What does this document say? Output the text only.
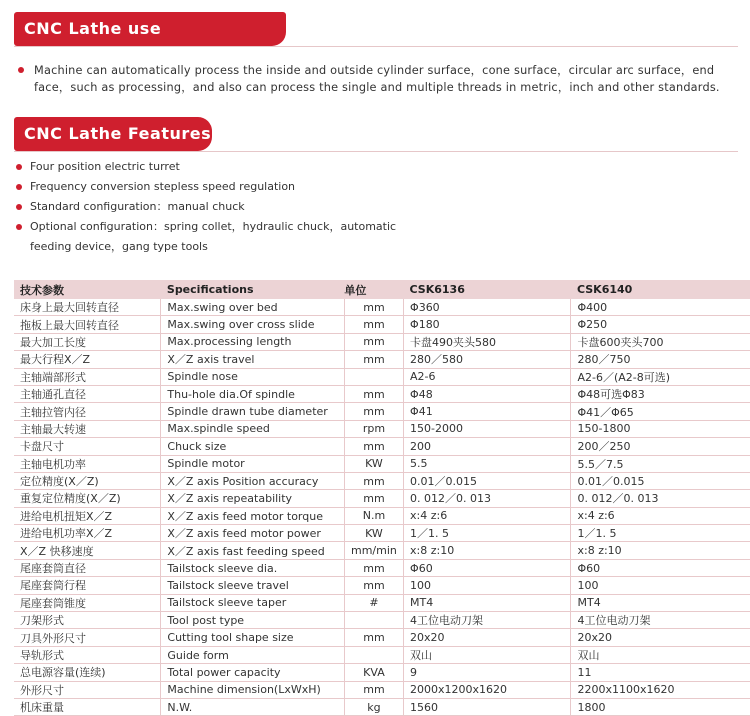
CNC Lathe use
Machine can automatically process the inside and outside cylinder surface，cone surface，circular arc surface，end face，such as processing，and also can process the single and multiple threads in metric，inch and other standards.
CNC Lathe Features
Four position electric turret
Frequency conversion stepless speed regulation
Standard configuration：manual chuck
Optional configuration：spring collet，hydraulic chuck，automatic
feeding device，gang type tools
技术参数	Specifications	单位	CSK6136	CSK6140
床身上最大回转直径	Max.swing over bed	mm	Φ360	Φ400
拖板上最大回转直径	Max.swing over cross slide	mm	Φ180	Φ250
最大加工长度	Max.processing length	mm	卡盘490夹头580	卡盘600夹头700
最大行程X／Z	X／Z axis travel	mm	280／580	280／750
主轴端部形式	Spindle nose		A2-6	A2-6／(A2-8可选)
主轴通孔直径	Thu-hole dia.Of spindle	mm	Φ48	Φ48可选Φ83
主轴拉管内径	Spindle drawn tube diameter	mm	Φ41	Φ41／Φ65
主轴最大转速	Max.spindle speed	rpm	150-2000	150-1800
卡盘尺寸	Chuck size	mm	200	200／250
主轴电机功率	Spindle motor	KW	5.5	5.5／7.5
定位精度(X／Z)	X／Z axis Position accuracy	mm	0.01／0.015	0.01／0.015
重复定位精度(X／Z)	X／Z axis repeatability	mm	0. 012／0. 013	0. 012／0. 013
进给电机扭矩X／Z	X／Z axis feed motor torque	N.m	x:4 z:6	x:4 z:6
进给电机功率X／Z	X／Z axis feed motor power	KW	1／1. 5	1／1. 5
X／Z 快移速度	X／Z axis fast feeding speed	mm/min	x:8 z:10	x:8 z:10
尾座套筒直径	Tailstock sleeve dia.	mm	Φ60	Φ60
尾座套筒行程	Tailstock sleeve travel	mm	100	100
尾座套筒锥度	Tailstock sleeve taper	#	MT4	MT4
刀架形式	Tool post type		4工位电动刀架	4工位电动刀架
刀具外形尺寸	Cutting tool shape size	mm	20x20	20x20
导轨形式	Guide form		双山	双山
总电源容量(连续)	Total power capacity	KVA	9	11
外形尺寸	Machine dimension(LxWxH)	mm	2000x1200x1620	2200x1100x1620
机床重量	N.W.	kg	1560	1800
